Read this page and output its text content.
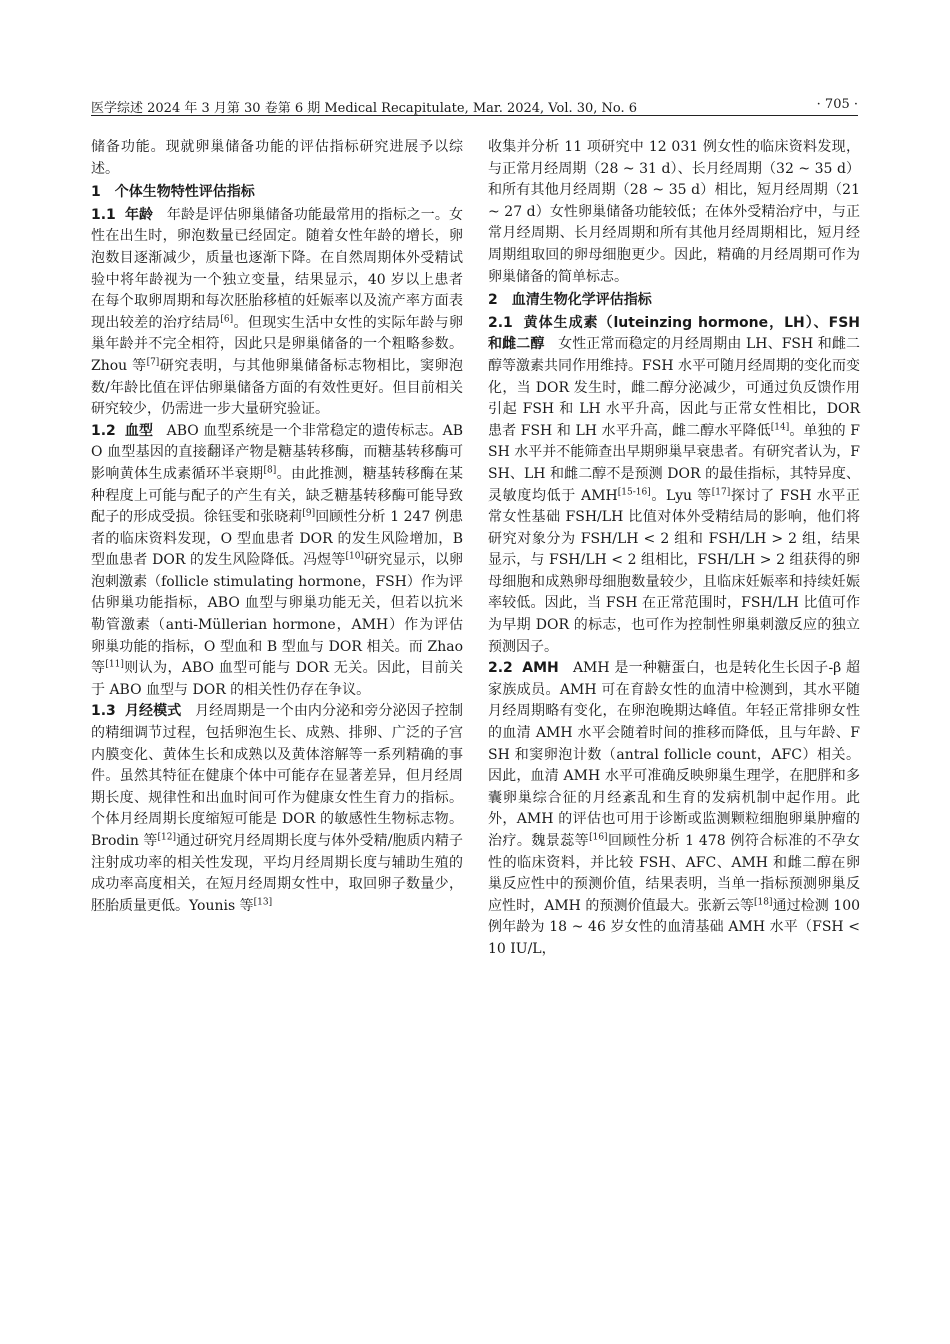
医学综述 2024 年 3 月第 30 卷第 6 期 Medical Recapitulate, Mar. 2024, Vol. 30, No. 6	· 705 ·

储备功能。现就卵巢储备功能的评估指标研究进展予以综述。

1　个体生物特性评估指标

1.1 年龄 年龄是评估卵巢储备功能最常用的指标之一。女性在出生时，卵泡数量已经固定。随着女性年龄的增长，卵泡数目逐渐减少，质量也逐渐下降。在自然周期体外受精试验中将年龄视为一个独立变量，结果显示，40 岁以上患者在每个取卵周期和每次胚胎移植的妊娠率以及流产率方面表现出较差的治疗结局[6]。但现实生活中女性的实际年龄与卵巢年龄并不完全相符，因此只是卵巢储备的一个粗略参数。Zhou 等[7]研究表明，与其他卵巢储备标志物相比，窦卵泡数/年龄比值在评估卵巢储备方面的有效性更好。但目前相关研究较少，仍需进一步大量研究验证。

1.2 血型 ABO 血型系统是一个非常稳定的遗传标志。ABO 血型基因的直接翻译产物是糖基转移酶，而糖基转移酶可影响黄体生成素循环半衰期[8]。由此推测，糖基转移酶在某种程度上可能与配子的产生有关，缺乏糖基转移酶可能导致配子的形成受损。徐钰雯和张晓莉[9]回顾性分析 1 247 例患者的临床资料发现，O 型血患者 DOR 的发生风险增加，B 型血患者 DOR 的发生风险降低。冯煜等[10]研究显示，以卵泡刺激素（follicle stimulating hormone，FSH）作为评估卵巢功能指标，ABO 血型与卵巢功能无关，但若以抗米勒管激素（anti-Müllerian hormone，AMH）作为评估卵巢功能的指标，O 型血和 B 型血与 DOR 相关。而 Zhao 等[11]则认为，ABO 血型可能与 DOR 无关。因此，目前关于 ABO 血型与 DOR 的相关性仍存在争议。

1.3 月经模式 月经周期是一个由内分泌和旁分泌因子控制的精细调节过程，包括卵泡生长、成熟、排卵、广泛的子宫内膜变化、黄体生长和成熟以及黄体溶解等一系列精确的事件。虽然其特征在健康个体中可能存在显著差异，但月经周期长度、规律性和出血时间可作为健康女性生育力的指标。个体月经周期长度缩短可能是 DOR 的敏感性生物标志物。Brodin 等[12]通过研究月经周期长度与体外受精/胞质内精子注射成功率的相关性发现，平均月经周期长度与辅助生殖的成功率高度相关，在短月经周期女性中，取回卵子数量少，胚胎质量更低。Younis 等[13]

收集并分析 11 项研究中 12 031 例女性的临床资料发现，与正常月经周期（28 ~ 31 d）、长月经周期（32 ~ 35 d）和所有其他月经周期（28 ~ 35 d）相比，短月经周期（21 ~ 27 d）女性卵巢储备功能较低；在体外受精治疗中，与正常月经周期、长月经周期和所有其他月经周期相比，短月经周期组取回的卵母细胞更少。因此，精确的月经周期可作为卵巢储备的简单标志。

2　血清生物化学评估指标

2.1 黄体生成素（luteinzing hormone，LH）、FSH 和雌二醇 女性正常而稳定的月经周期由 LH、FSH 和雌二醇等激素共同作用维持。FSH 水平可随月经周期的变化而变化，当 DOR 发生时，雌二醇分泌减少，可通过负反馈作用引起 FSH 和 LH 水平升高，因此与正常女性相比，DOR 患者 FSH 和 LH 水平升高，雌二醇水平降低[14]。单独的 FSH 水平并不能筛查出早期卵巢早衰患者。有研究者认为，FSH、LH 和雌二醇不是预测 DOR 的最佳指标，其特异度、灵敏度均低于 AMH[15-16]。Lyu 等[17]探讨了 FSH 水平正常女性基础 FSH/LH 比值对体外受精结局的影响，他们将研究对象分为 FSH/LH < 2 组和 FSH/LH > 2 组，结果显示，与 FSH/LH < 2 组相比，FSH/LH > 2 组获得的卵母细胞和成熟卵母细胞数量较少，且临床妊娠率和持续妊娠率较低。因此，当 FSH 在正常范围时，FSH/LH 比值可作为早期 DOR 的标志，也可作为控制性卵巢刺激反应的独立预测因子。

2.2 AMH AMH 是一种糖蛋白，也是转化生长因子-β 超家族成员。AMH 可在育龄女性的血清中检测到，其水平随月经周期略有变化，在卵泡晚期达峰值。年轻正常排卵女性的血清 AMH 水平会随着时间的推移而降低，且与年龄、FSH 和窦卵泡计数（antral follicle count，AFC）相关。因此，血清 AMH 水平可准确反映卵巢生理学，在肥胖和多囊卵巢综合征的月经紊乱和生育的发病机制中起作用。此外，AMH 的评估也可用于诊断或监测颗粒细胞卵巢肿瘤的治疗。魏景蕊等[16]回顾性分析 1 478 例符合标准的不孕女性的临床资料，并比较 FSH、AFC、AMH 和雌二醇在卵巢反应性中的预测价值，结果表明，当单一指标预测卵巢反应性时，AMH 的预测价值最大。张新云等[18]通过检测 100 例年龄为 18 ~ 46 岁女性的血清基础 AMH 水平（FSH < 10 IU/L，
